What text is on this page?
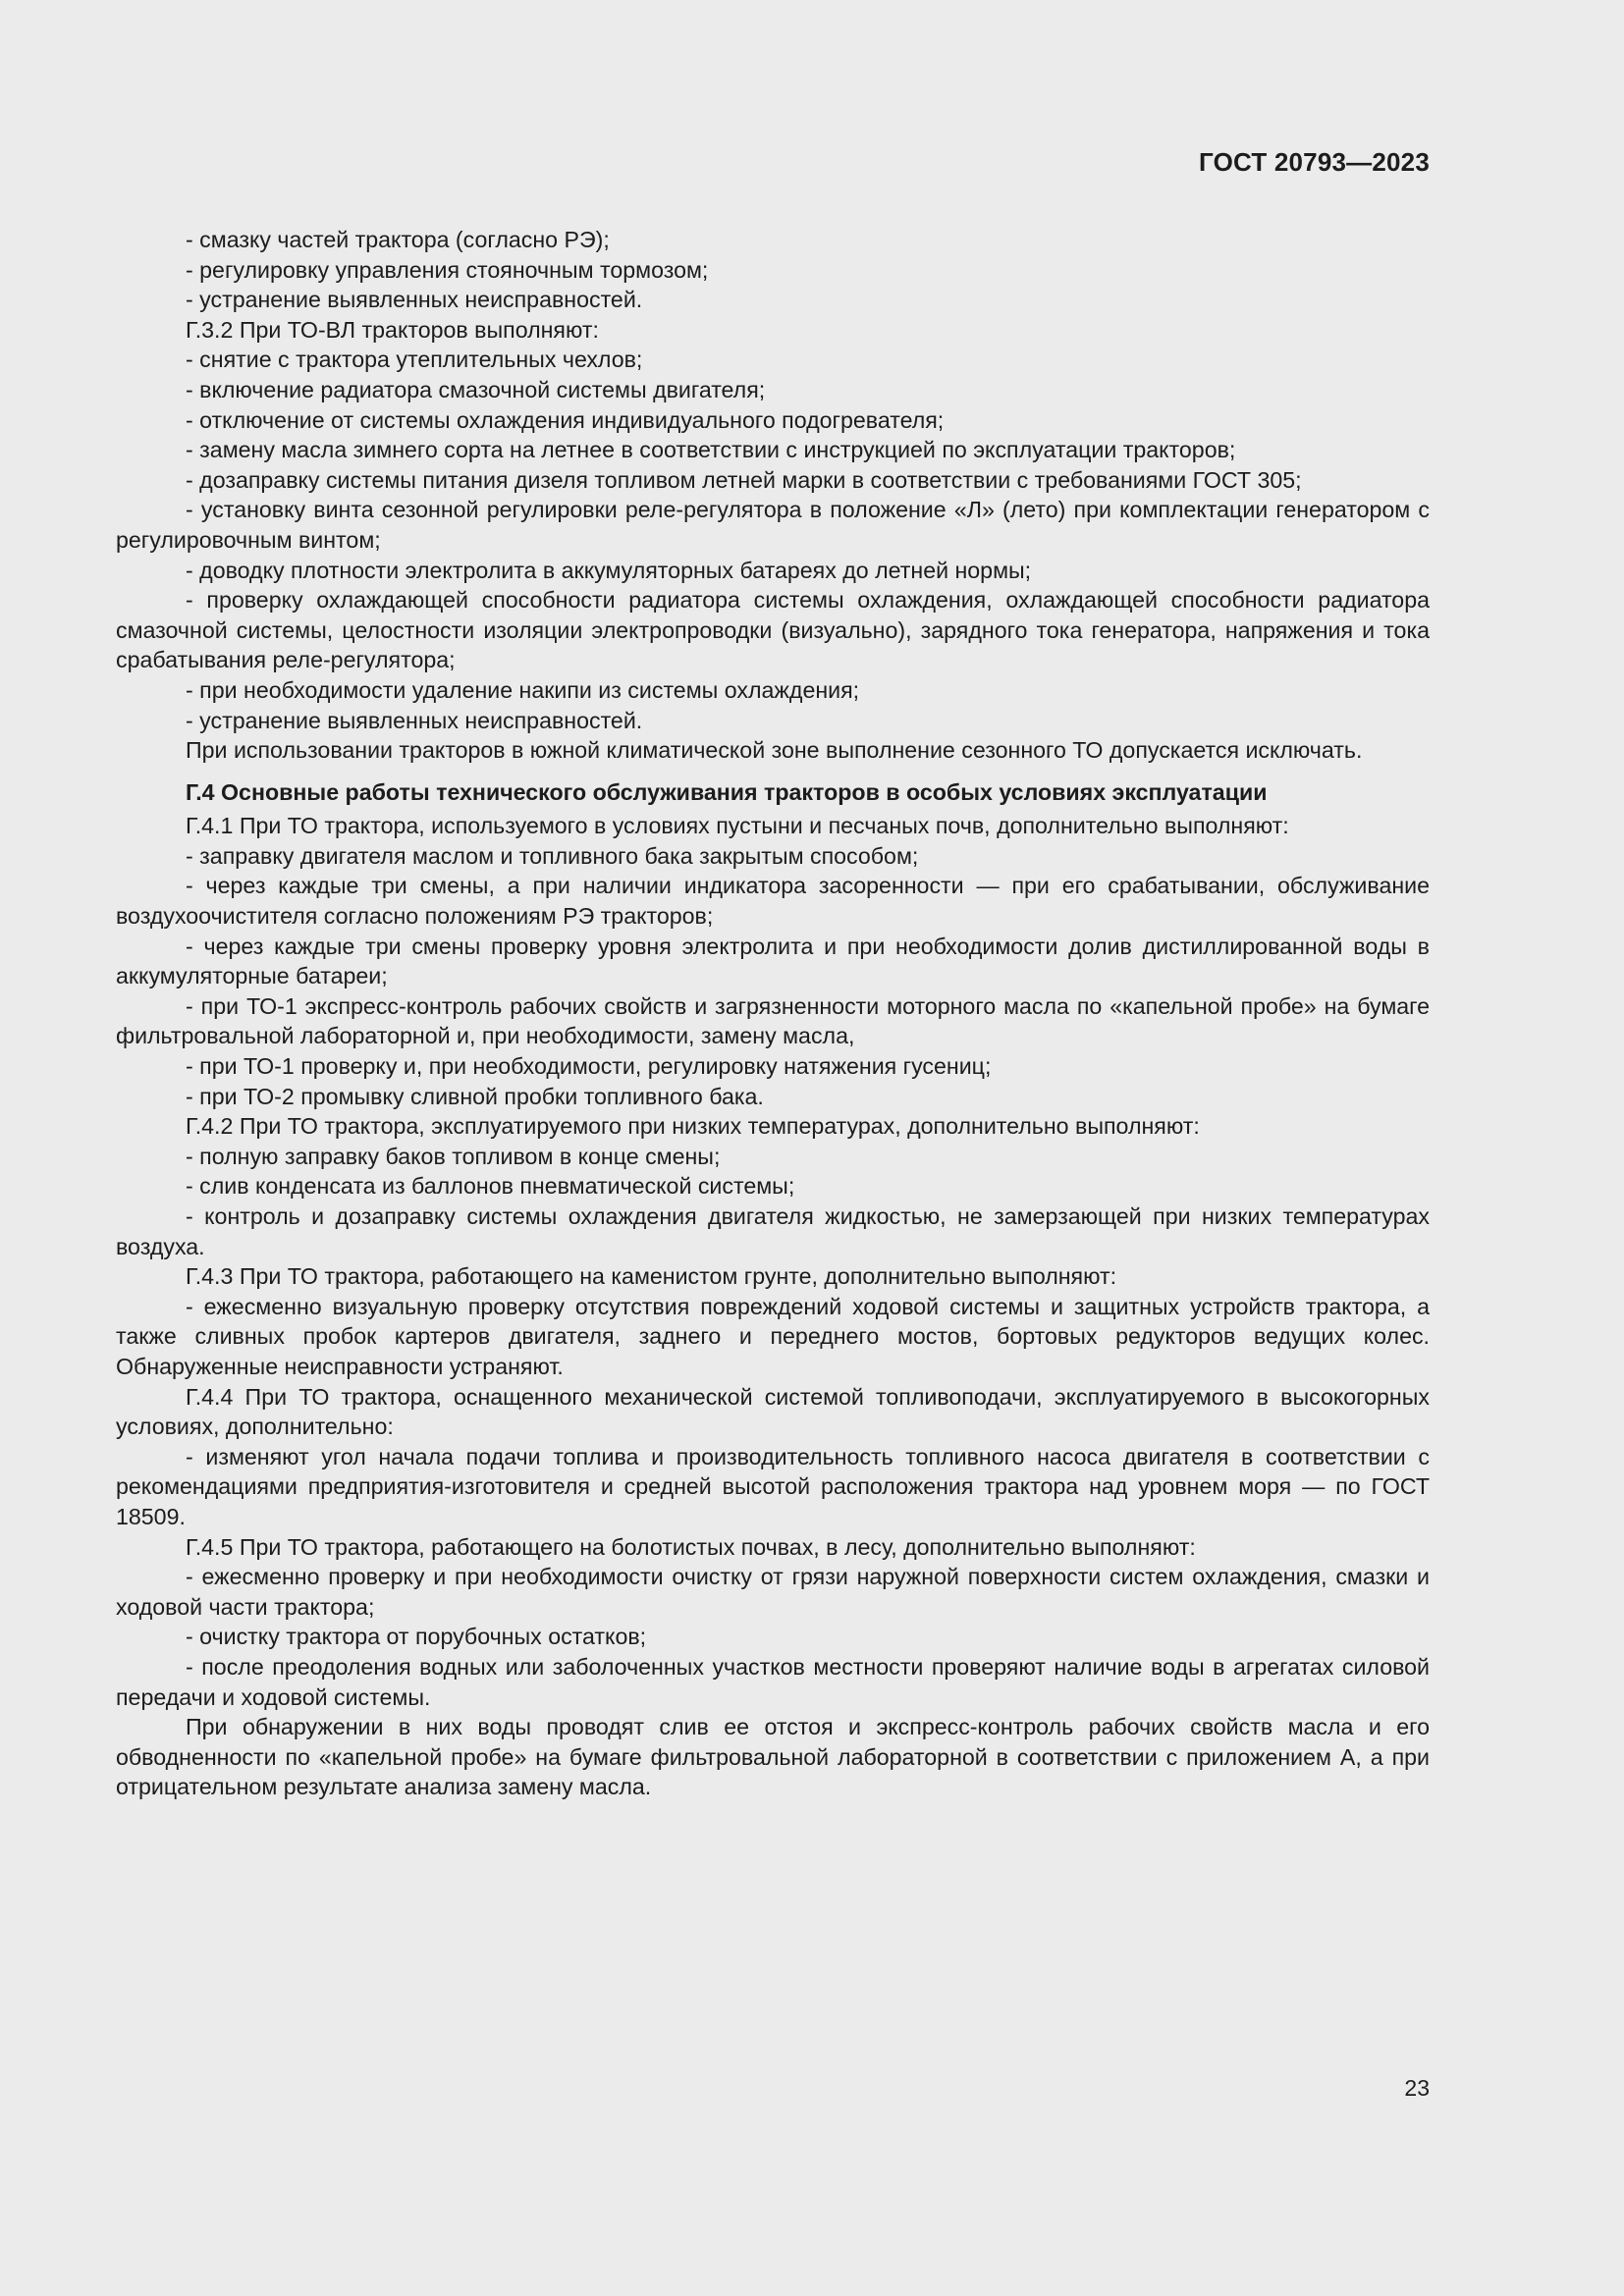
ГОСТ 20793—2023

- смазку частей трактора (согласно РЭ);

- регулировку управления стояночным тормозом;

- устранение выявленных неисправностей.

Г.3.2 При ТО-ВЛ тракторов выполняют:

- снятие с трактора утеплительных чехлов;

- включение радиатора смазочной системы двигателя;

- отключение от системы охлаждения индивидуального подогревателя;

- замену масла зимнего сорта на летнее в соответствии с инструкцией по эксплуатации тракторов;

- дозаправку системы питания дизеля топливом летней марки в соответствии с требованиями ГОСТ 305;

- установку винта сезонной регулировки реле-регулятора в положение «Л» (лето) при комплектации генератором с регулировочным винтом;

- доводку плотности электролита в аккумуляторных батареях до летней нормы;

- проверку охлаждающей способности радиатора системы охлаждения, охлаждающей способности радиатора смазочной системы, целостности изоляции электропроводки (визуально), зарядного тока генератора, напряжения и тока срабатывания реле-регулятора;

- при необходимости удаление накипи из системы охлаждения;

- устранение выявленных неисправностей.

При использовании тракторов в южной климатической зоне выполнение сезонного ТО допускается исключать.

Г.4 Основные работы технического обслуживания тракторов в особых условиях эксплуатации

Г.4.1 При ТО трактора, используемого в условиях пустыни и песчаных почв, дополнительно выполняют:

- заправку двигателя маслом и топливного бака закрытым способом;

- через каждые три смены, а при наличии индикатора засоренности — при его срабатывании, обслуживание воздухоочистителя согласно положениям РЭ тракторов;

- через каждые три смены проверку уровня электролита и при необходимости долив дистиллированной воды в аккумуляторные батареи;

- при ТО-1 экспресс-контроль рабочих свойств и загрязненности моторного масла по «капельной пробе» на бумаге фильтровальной лабораторной и, при необходимости, замену масла,

- при ТО-1 проверку и, при необходимости, регулировку натяжения гусениц;

- при ТО-2 промывку сливной пробки топливного бака.

Г.4.2 При ТО трактора, эксплуатируемого при низких температурах, дополнительно выполняют:

- полную заправку баков топливом в конце смены;

- слив конденсата из баллонов пневматической системы;

- контроль и дозаправку системы охлаждения двигателя жидкостью, не замерзающей при низких температурах воздуха.

Г.4.3 При ТО трактора, работающего на каменистом грунте, дополнительно выполняют:

- ежесменно визуальную проверку отсутствия повреждений ходовой системы и защитных устройств трактора, а также сливных пробок картеров двигателя, заднего и переднего мостов, бортовых редукторов ведущих колес. Обнаруженные неисправности устраняют.

Г.4.4 При ТО трактора, оснащенного механической системой топливоподачи, эксплуатируемого в высокогорных условиях, дополнительно:

- изменяют угол начала подачи топлива и производительность топливного насоса двигателя в соответствии с рекомендациями предприятия-изготовителя и средней высотой расположения трактора над уровнем моря — по ГОСТ 18509.

Г.4.5 При ТО трактора, работающего на болотистых почвах, в лесу, дополнительно выполняют:

- ежесменно проверку и при необходимости очистку от грязи наружной поверхности систем охлаждения, смазки и ходовой части трактора;

- очистку трактора от порубочных остатков;

- после преодоления водных или заболоченных участков местности проверяют наличие воды в агрегатах силовой передачи и ходовой системы.

При обнаружении в них воды проводят слив ее отстоя и экспресс-контроль рабочих свойств масла и его обводненности по «капельной пробе» на бумаге фильтровальной лабораторной в соответствии с приложением А, а при отрицательном результате анализа замену масла.

23
